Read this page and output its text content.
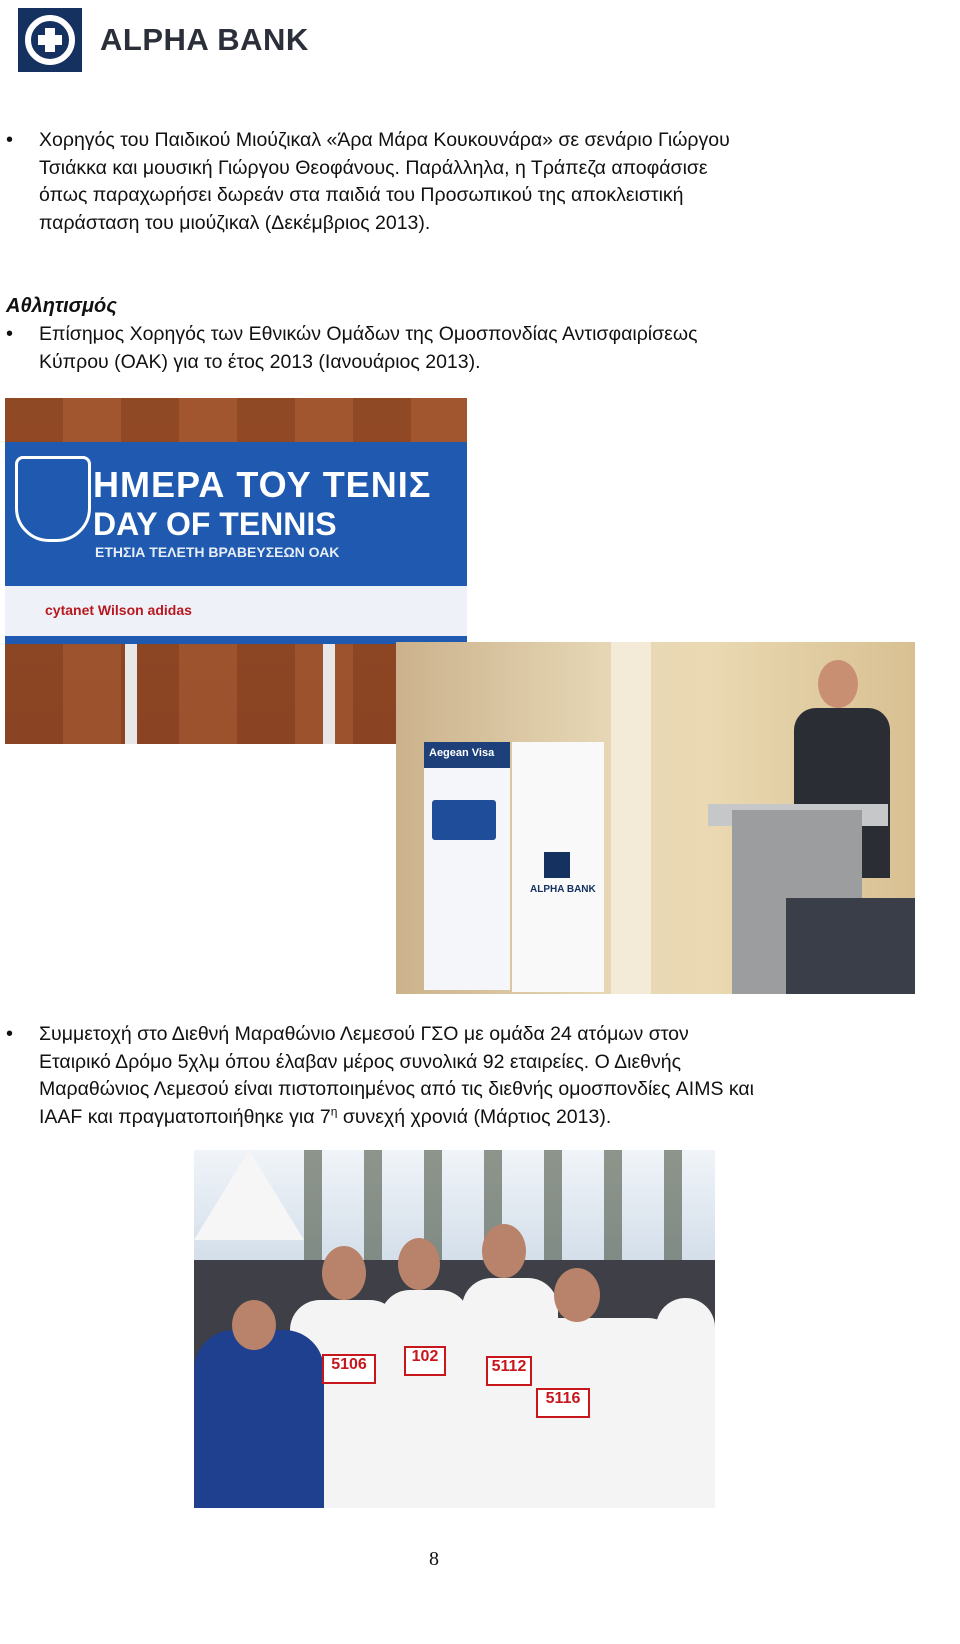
ALPHA BANK
• Χορηγός του Παιδικού Μιούζικαλ «Άρα Μάρα Κουκουνάρα» σε σενάριο Γιώργου
Τσιάκκα και μουσική Γιώργου Θεοφάνους. Παράλληλα, η Τράπεζα αποφάσισε
όπως παραχωρήσει δωρεάν στα παιδιά του Προσωπικού της αποκλειστική
παράσταση του μιούζικαλ (Δεκέμβριος 2013).
Αθλητισμός
• Επίσημος Χορηγός των Εθνικών Ομάδων της Ομοσπονδίας Αντισφαιρίσεως
Κύπρου (ΟΑΚ) για το έτος 2013 (Ιανουάριος 2013).
ΗΜΕΡΑ ΤΟΥ ΤΕΝΙΣ
DAY OF TENNIS
ΕΤΗΣΙΑ ΤΕΛΕΤΗ ΒΡΑΒΕΥΣΕΩΝ ΟΑΚ
cytanet Wilson adidas
Aegean Visa
ALPHA BANK
• Συμμετοχή στο Διεθνή Μαραθώνιο Λεμεσού ΓΣΟ με ομάδα 24 ατόμων στον
Εταιρικό Δρόμο 5χλμ όπου έλαβαν μέρος συνολικά 92 εταιρείες. Ο Διεθνής
Μαραθώνιος Λεμεσού είναι πιστοποιημένος από τις διεθνής ομοσπονδίες AIMS και
IAAF και πραγματοποιήθηκε για $7^\eta$ συνεχή χρονιά (Μάρτιος 2013).
5106	102
5112
5116
8
